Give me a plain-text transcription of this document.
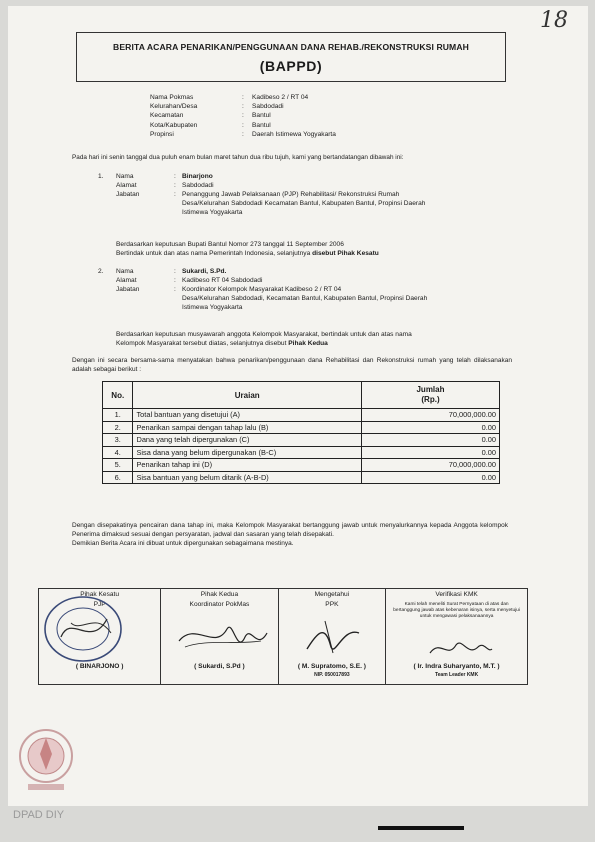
18
BERITA ACARA PENARIKAN/PENGGUNAAN DANA REHAB./REKONSTRUKSI RUMAH
(BAPPD)
Nama Pokmas	:	Kadibeso 2 / RT 04
Kelurahan/Desa	:	Sabdodadi
Kecamatan	:	Bantul
Kota/Kabupaten	:	Bantul
Propinsi	:	Daerah Istimewa Yogyakarta
Pada hari ini senin tanggal dua puluh enam bulan maret tahun dua ribu tujuh, kami yang bertandatangan dibawah ini:
1.	Nama	: Binarjono
Alamat	: Sabdodadi
Jabatan	: Penanggung Jawab Pelaksanaan (PJP) Rehabilitasi/ Rekonstruksi Rumah
Desa/Kelurahan Sabdodadi Kecamatan Bantul, Kabupaten Bantul, Propinsi Daerah
Istimewa Yogyakarta
Berdasarkan keputusan Bupati Bantul Nomor 273 tanggal 11 September 2006
Bertindak untuk dan atas nama Pemerintah Indonesia, selanjutnya disebut Pihak Kesatu
2.	Nama	: Sukardi, S.Pd.
Alamat	: Kadibeso RT 04 Sabdodadi
Jabatan	: Koordinator Kelompok Masyarakat Kadibeso 2 / RT 04
Desa/Kelurahan Sabdodadi, Kecamatan Bantul, Kabupaten Bantul, Propinsi Daerah
Istimewa Yogyakarta
Berdasarkan keputusan musyawarah anggota Kelompok Masyarakat, bertindak untuk dan atas nama
Kelompok Masyarakat tersebut diatas, selanjutnya disebut Pihak Kedua
Dengan ini secara bersama-sama menyatakan bahwa penarikan/penggunaan dana Rehabilitasi dan Rekonstruksi rumah yang telah dilaksanakan adalah sebagai berikut :
No.	Uraian	Jumlah
(Rp.)

1.	Total bantuan yang disetujui (A)	70,000,000.00
2.	Penarikan sampai dengan tahap lalu (B)	0.00
3.	Dana yang telah dipergunakan (C)	0.00
4.	Sisa dana yang belum dipergunakan (B-C)	0.00
5.	Penarikan tahap ini (D)	70,000,000.00
6.	Sisa bantuan yang belum ditarik (A-B-D)	0.00
Dengan disepakatinya pencairan dana tahap ini, maka Kelompok Masyarakat bertanggung jawab untuk menyalurkannya kepada Anggota kelompok Penerima dimaksud sesuai dengan persyaratan, jadwal dan sasaran yang telah disepakati.
Demikian Berita Acara ini dibuat untuk dipergunakan sebagaimana mestinya.
Pihak Kesatu
PJP
( BINARJONO )

Pihak Kedua
Koordinator PokMas
( Sukardi, S.Pd )

Mengetahui
PPK
( M. Supratomo, S.E. )
NIP. 050017893

Verifikasi KMK
Kami telah meneliti Surat Pernyataan di atas dan bertanggung jawab atas kebenaran isinya, serta menyetujui untuk mengawasi pelaksanaannya
( Ir. Indra Suharyanto, M.T. )
Team Leader KMK
DPAD DIY
